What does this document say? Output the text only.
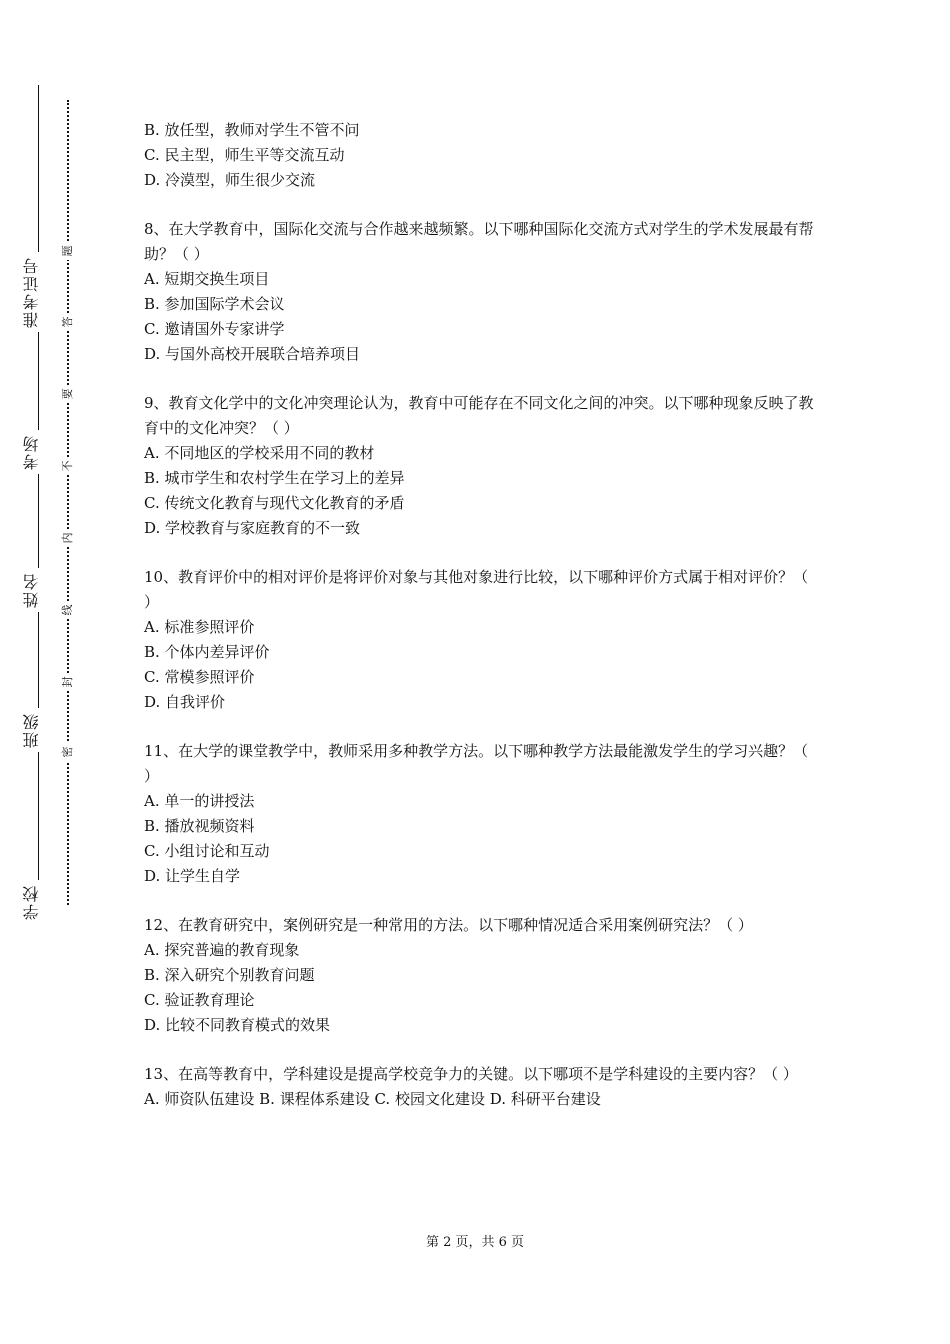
准考证号
考场
姓名
班级
学校
题
答
要
不
内
线
封
密
B. 放任型，教师对学生不管不问
C. 民主型，师生平等交流互动
D. 冷漠型，师生很少交流
8、在大学教育中，国际化交流与合作越来越频繁。以下哪种国际化交流方式对学生的学术发展最有帮助？（ ）
A. 短期交换生项目
B. 参加国际学术会议
C. 邀请国外专家讲学
D. 与国外高校开展联合培养项目
9、教育文化学中的文化冲突理论认为，教育中可能存在不同文化之间的冲突。以下哪种现象反映了教育中的文化冲突？（ ）
A. 不同地区的学校采用不同的教材
B. 城市学生和农村学生在学习上的差异
C. 传统文化教育与现代文化教育的矛盾
D. 学校教育与家庭教育的不一致
10、教育评价中的相对评价是将评价对象与其他对象进行比较，以下哪种评价方式属于相对评价？（ ）
A. 标准参照评价
B. 个体内差异评价
C. 常模参照评价
D. 自我评价
11、在大学的课堂教学中，教师采用多种教学方法。以下哪种教学方法最能激发学生的学习兴趣？（ ）
A. 单一的讲授法
B. 播放视频资料
C. 小组讨论和互动
D. 让学生自学
12、在教育研究中，案例研究是一种常用的方法。以下哪种情况适合采用案例研究法？（ ）
A. 探究普遍的教育现象
B. 深入研究个别教育问题
C. 验证教育理论
D. 比较不同教育模式的效果
13、在高等教育中，学科建设是提高学校竞争力的关键。以下哪项不是学科建设的主要内容？（ ）
A. 师资队伍建设 B. 课程体系建设 C. 校园文化建设 D. 科研平台建设
第 2 页，共 6 页
